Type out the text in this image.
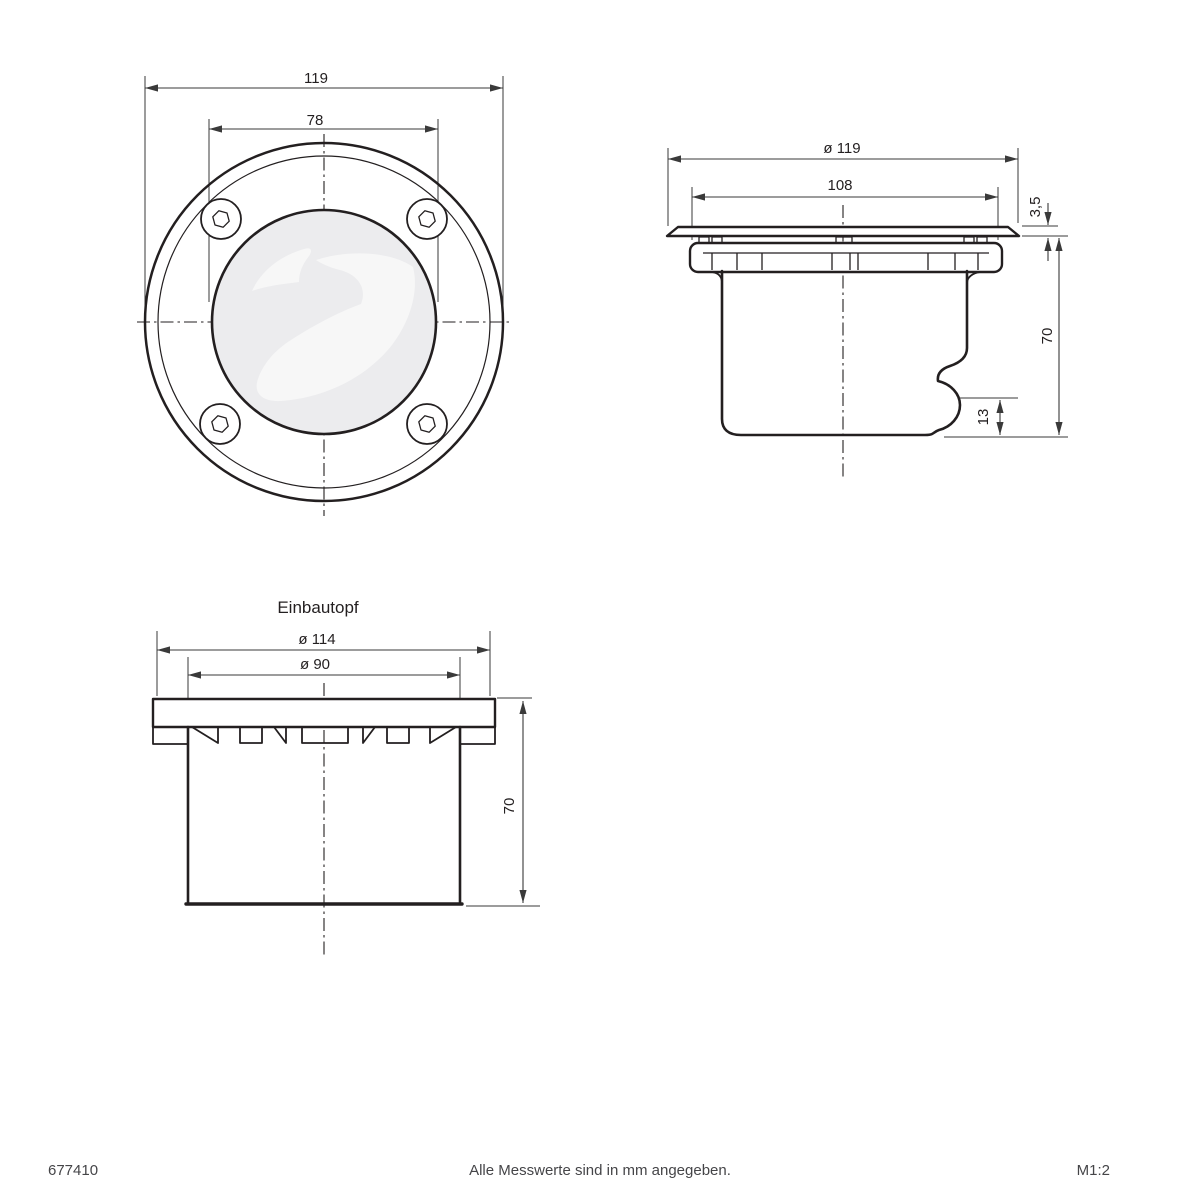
119
78
ø 119
108
3,5
70
13
Einbautopf
ø 114
ø 90
70
677410	Alle Messwerte sind in mm angegeben.	M1:2
